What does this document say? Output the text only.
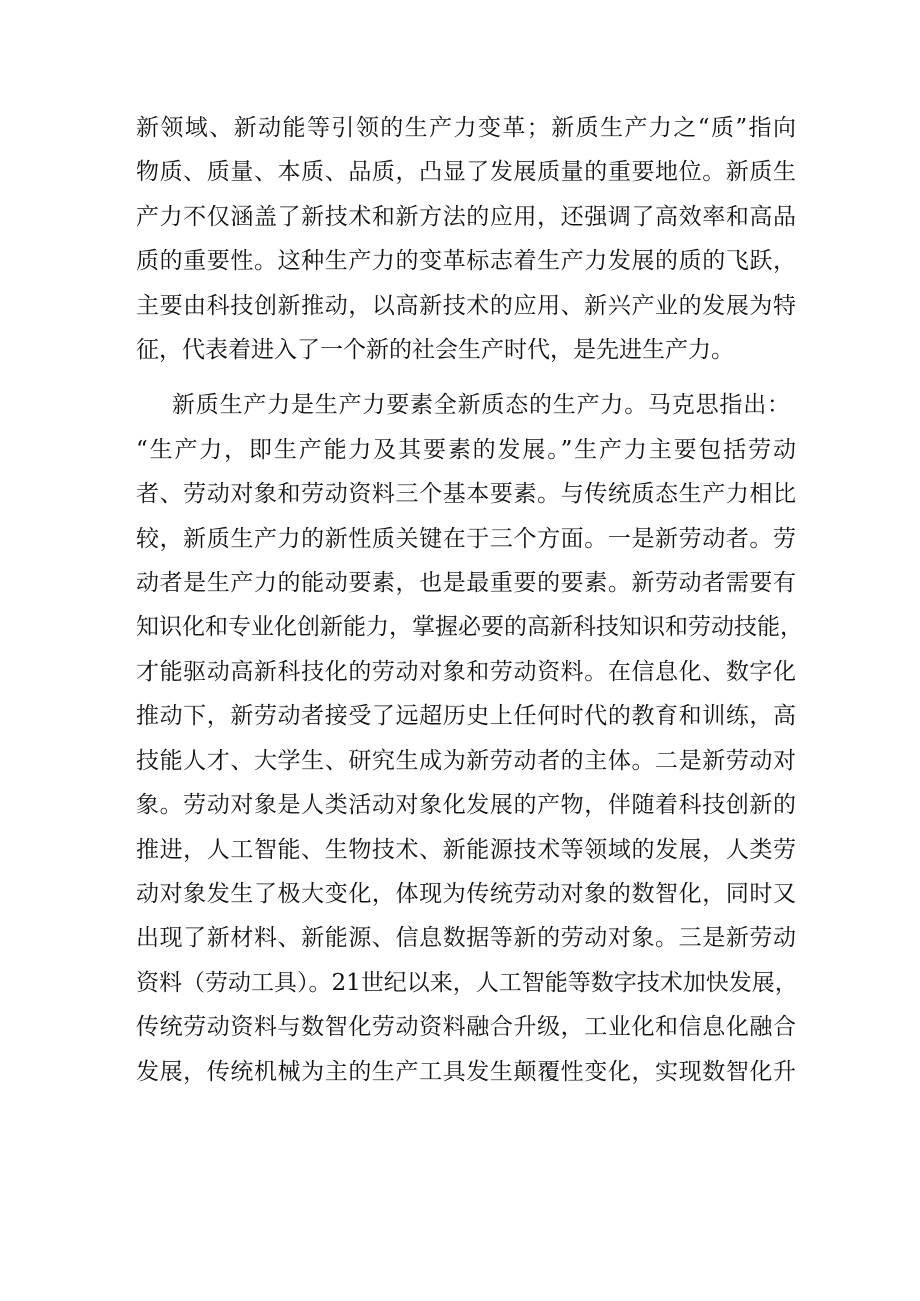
新领域、新动能等引领的生产力变革；新质生产力之“质”指向
物质、质量、本质、品质，凸显了发展质量的重要地位。新质生
产力不仅涵盖了新技术和新方法的应用，还强调了高效率和高品
质的重要性。这种生产力的变革标志着生产力发展的质的飞跃，
主要由科技创新推动，以高新技术的应用、新兴产业的发展为特
征，代表着进入了一个新的社会生产时代，是先进生产力。
新质生产力是生产力要素全新质态的生产力。马克思指出：
“生产力，即生产能力及其要素的发展。”生产力主要包括劳动
者、劳动对象和劳动资料三个基本要素。与传统质态生产力相比
较，新质生产力的新性质关键在于三个方面。一是新劳动者。劳
动者是生产力的能动要素，也是最重要的要素。新劳动者需要有
知识化和专业化创新能力，掌握必要的高新科技知识和劳动技能，
才能驱动高新科技化的劳动对象和劳动资料。在信息化、数字化
推动下，新劳动者接受了远超历史上任何时代的教育和训练，高
技能人才、大学生、研究生成为新劳动者的主体。二是新劳动对
象。劳动对象是人类活动对象化发展的产物，伴随着科技创新的
推进，人工智能、生物技术、新能源技术等领域的发展，人类劳
动对象发生了极大变化，体现为传统劳动对象的数智化，同时又
出现了新材料、新能源、信息数据等新的劳动对象。三是新劳动
资料（劳动工具）。21世纪以来，人工智能等数字技术加快发展，
传统劳动资料与数智化劳动资料融合升级，工业化和信息化融合
发展，传统机械为主的生产工具发生颠覆性变化，实现数智化升
